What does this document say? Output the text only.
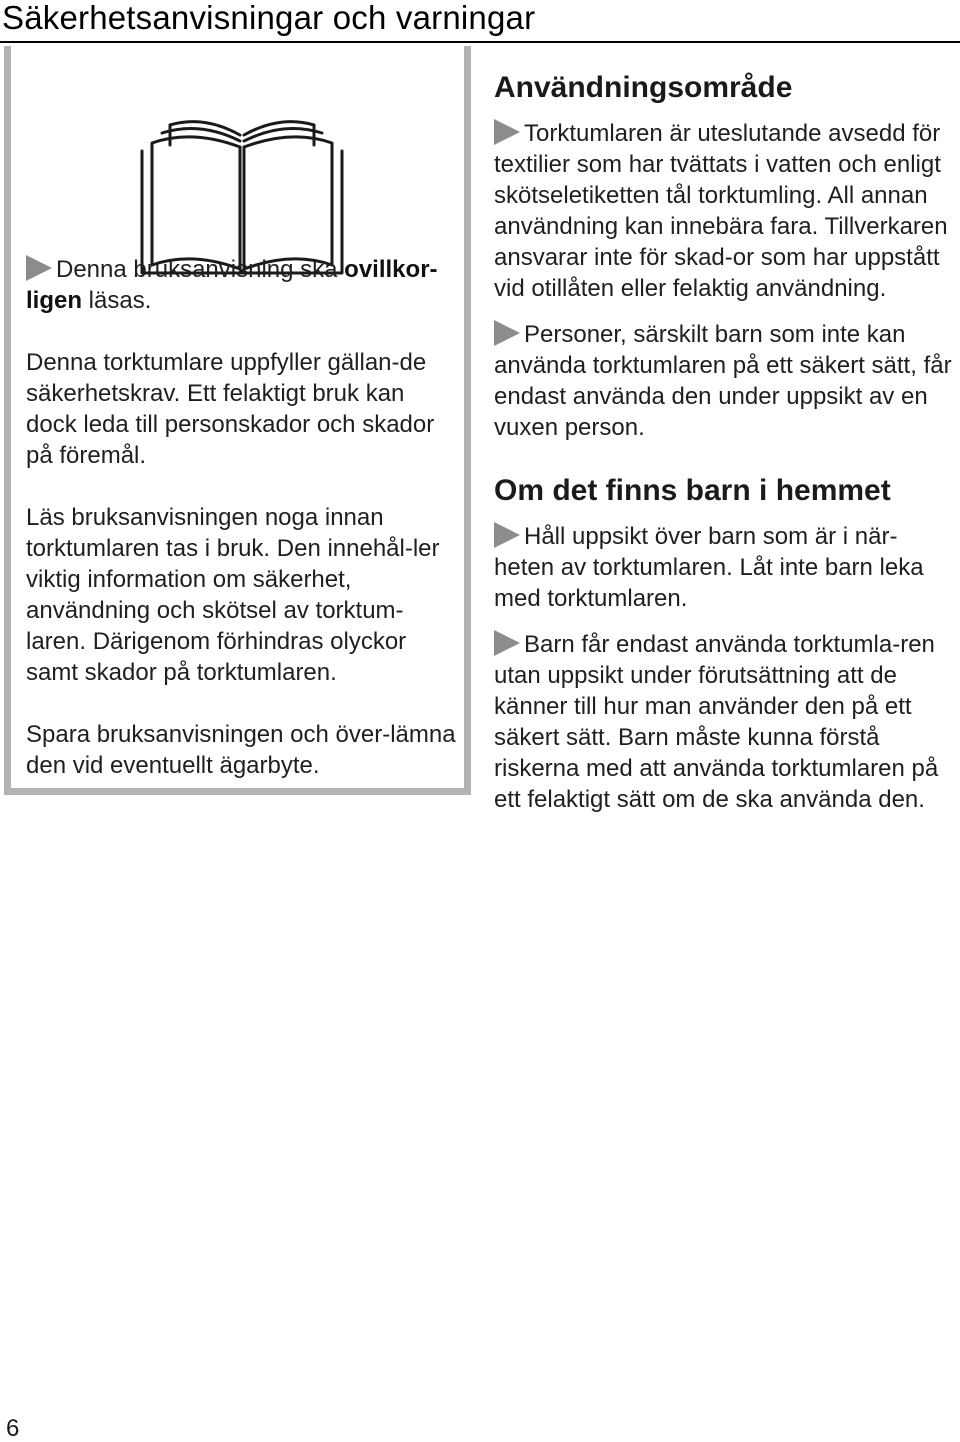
Säkerhetsanvisningar och varningar

Denna bruksanvisning ska ovillkor-ligen läsas.

Denna torktumlare uppfyller gällan-de säkerhetskrav. Ett felaktigt bruk kan dock leda till personskador och skador på föremål.

Läs bruksanvisningen noga innan torktumlaren tas i bruk. Den innehål-ler viktig information om säkerhet, användning och skötsel av torktum-laren. Därigenom förhindras olyckor samt skador på torktumlaren.

Spara bruksanvisningen och över-lämna den vid eventuellt ägarbyte.

Användningsområde

Torktumlaren är uteslutande avsedd för textilier som har tvättats i vatten och enligt skötseletiketten tål torktumling. All annan användning kan innebära fara. Tillverkaren ansvarar inte för skad-or som har uppstått vid otillåten eller felaktig användning.

Personer, särskilt barn som inte kan använda torktumlaren på ett säkert sätt, får endast använda den under uppsikt av en vuxen person.

Om det finns barn i hemmet

Håll uppsikt över barn som är i när-heten av torktumlaren. Låt inte barn leka med torktumlaren.

Barn får endast använda torktumla-ren utan uppsikt under förutsättning att de känner till hur man använder den på ett säkert sätt. Barn måste kunna förstå riskerna med att använda torktumlaren på ett felaktigt sätt om de ska använda den.

6
